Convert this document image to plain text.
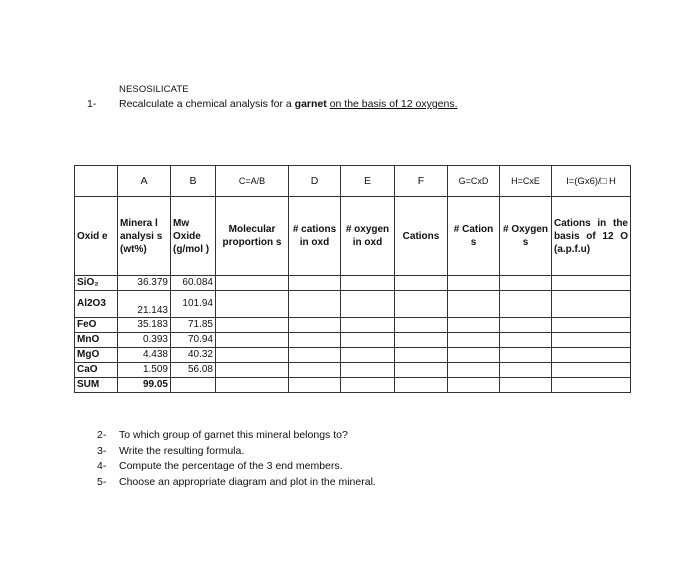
NESOSILICATE
1- Recalculate a chemical analysis for a garnet on the basis of 12 oxygens.
	A	B	C=A/B	D	E	F	G=CxD	H=CxE	I=(Gx6)/□ H
Oxid e	Minera l analysi s (wt%)	Mw Oxide (g/mol )	Molecular proportion s	# cations in oxd	# oxygen in oxd	Cations	# Cation s	# Oxygen s	Cations in the basis of 12 O (a.p.f.u)
SiO₂	36.379	60.084							
Al2O3	21.143	101.94							
FeO	35.183	71.85							
MnO	0.393	70.94							
MgO	4.438	40.32							
CaO	1.509	56.08							
SUM	99.05								
2- To which group of garnet this mineral belongs to?
3- Write the resulting formula.
4- Compute the percentage of the 3 end members.
5- Choose an appropriate diagram and plot in the mineral.
